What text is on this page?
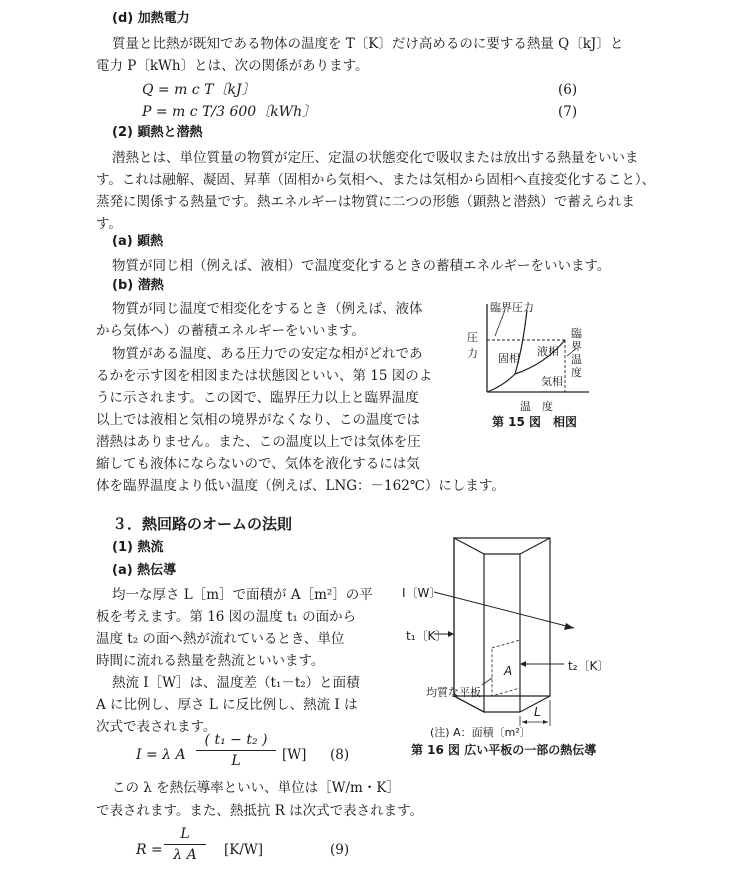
(d) 加熱電力
質量と比熱が既知である物体の温度を T〔K〕だけ高めるのに要する熱量 Q〔kJ〕と
電力 P〔kWh〕とは、次の関係があります。
Q = m c T〔kJ〕	(6)
P = m c T/3 600〔kWh〕	(7)
(2) 顕熱と潜熱
潜熱とは、単位質量の物質が定圧、定温の状態変化で吸収または放出する熱量をいいま
す。これは融解、凝固、昇華（固相から気相へ、または気相から固相へ直接変化すること）、
蒸発に関係する熱量です。熱エネルギーは物質に二つの形態（顕熱と潜熱）で蓄えられま
す。
(a) 顕熱
物質が同じ相（例えば、液相）で温度変化するときの蓄積エネルギーをいいます。
(b) 潜熱
物質が同じ温度で相変化をするとき（例えば、液体
から気体へ）の蓄積エネルギーをいいます。
物質がある温度、ある圧力での安定な相がどれであ
るかを示す図を相図または状態図といい、第 15 図のよ
うに示されます。この図で、臨界圧力以上と臨界温度
以上では液相と気相の境界がなくなり、この温度では
潜熱はありません。また、この温度以上では気体を圧
縮しても液体にならないので、気体を液化するには気
体を臨界温度より低い温度（例えば、LNG：－162℃）にします。
臨界圧力
圧　力 固相
液相
気相
臨界温度
温　度
第 15 図　相図
３．熱回路のオームの法則
(1) 熱流
(a) 熱伝導
均一な厚さ L［m］で面積が A［m²］の平
板を考えます。第 16 図の温度 t₁ の面から
温度 t₂ の面へ熱が流れているとき、単位
時間に流れる熱量を熱流といいます。
熱流 I［W］は、温度差（t₁－t₂）と面積
A に比例し、厚さ L に反比例し、熱流 I は
次式で表されます。
I = λ A
( t₁ − t₂ )
L	[W] (8)
この λ を熱伝導率といい、単位は［W/m・K］
で表されます。また、熱抵抗 R は次式で表されます。
R =
L
λ A	[K/W]	(9)
I〔W〕
t₁〔K〕
t₂〔K〕
A
均質な平板
L
(注) A：面積〔m²〕
第 16 図 広い平板の一部の熱伝導
